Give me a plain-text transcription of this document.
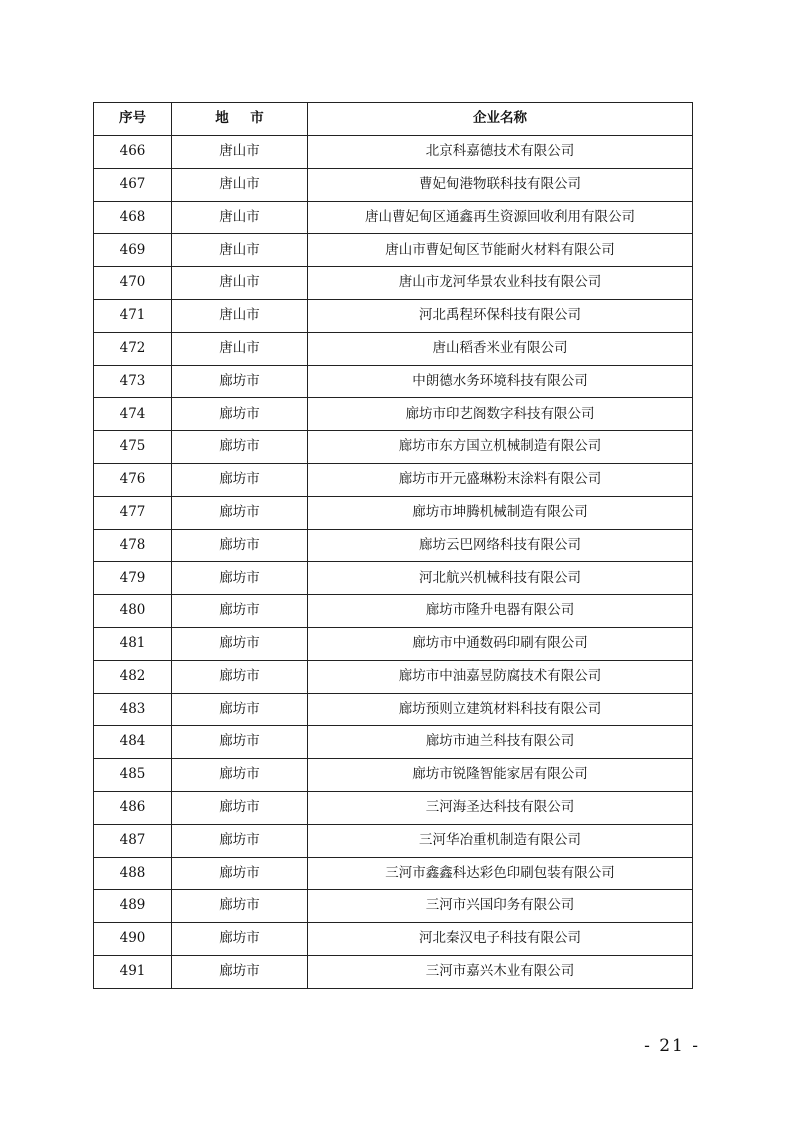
序号	地市	企业名称
466	唐山市	北京科嘉德技术有限公司
467	唐山市	曹妃甸港物联科技有限公司
468	唐山市	唐山曹妃甸区通鑫再生资源回收利用有限公司
469	唐山市	唐山市曹妃甸区节能耐火材料有限公司
470	唐山市	唐山市龙河华景农业科技有限公司
471	唐山市	河北禹程环保科技有限公司
472	唐山市	唐山稻香米业有限公司
473	廊坊市	中朗德水务环境科技有限公司
474	廊坊市	廊坊市印艺阁数字科技有限公司
475	廊坊市	廊坊市东方国立机械制造有限公司
476	廊坊市	廊坊市开元盛琳粉末涂料有限公司
477	廊坊市	廊坊市坤腾机械制造有限公司
478	廊坊市	廊坊云巴网络科技有限公司
479	廊坊市	河北航兴机械科技有限公司
480	廊坊市	廊坊市隆升电器有限公司
481	廊坊市	廊坊市中通数码印刷有限公司
482	廊坊市	廊坊市中油嘉昱防腐技术有限公司
483	廊坊市	廊坊预则立建筑材料科技有限公司
484	廊坊市	廊坊市迪兰科技有限公司
485	廊坊市	廊坊市锐隆智能家居有限公司
486	廊坊市	三河海圣达科技有限公司
487	廊坊市	三河华冶重机制造有限公司
488	廊坊市	三河市鑫鑫科达彩色印刷包装有限公司
489	廊坊市	三河市兴国印务有限公司
490	廊坊市	河北秦汉电子科技有限公司
491	廊坊市	三河市嘉兴木业有限公司
- 21 -
